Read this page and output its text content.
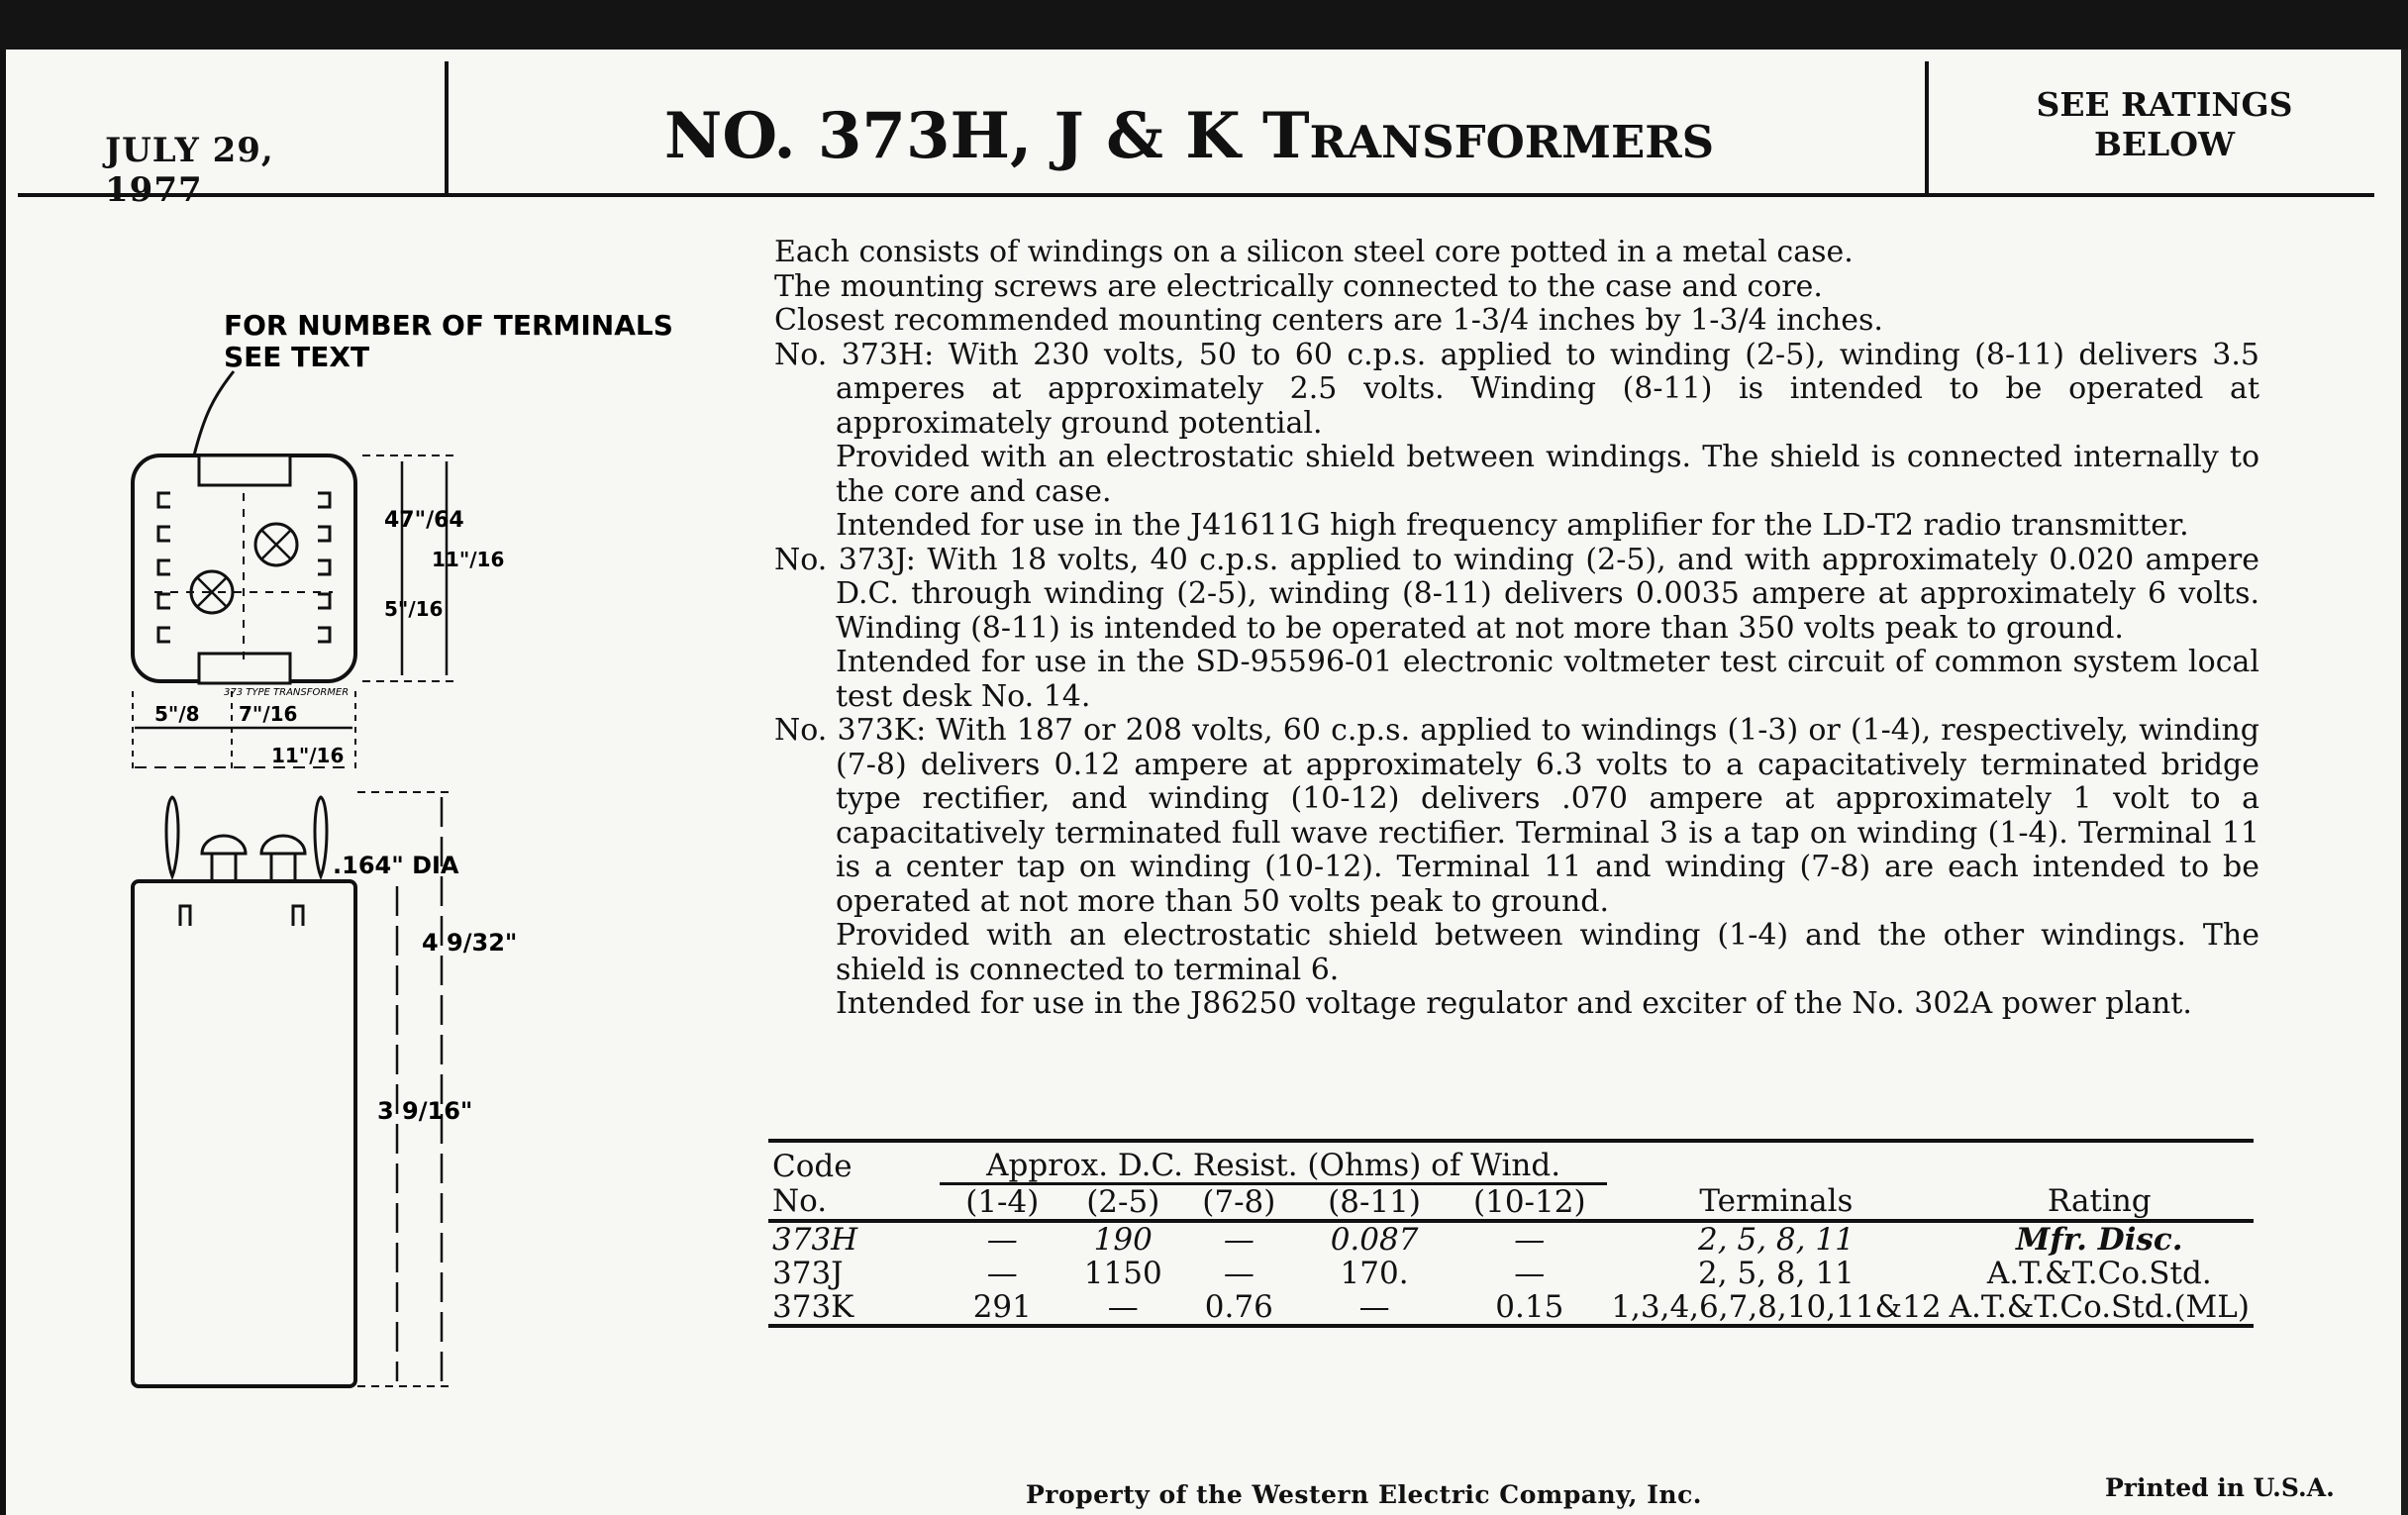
JULY 29, 1977
NO. 373H, J & K Transformers	SEE RATINGS
BELOW
FOR NUMBER OF TERMINALS
SEE TEXT
373 TYPE TRANSFORMER
47"/64
11"/16
5"/16
5"/8 7"/16
11"/16
.164" DIA
4 9/32"
3 9/16"

Each consists of windings on a silicon steel core potted in a metal case.

The mounting screws are electrically connected to the case and core.

Closest recommended mounting centers are 1-3/4 inches by 1-3/4 inches.

No. 373H: With 230 volts, 50 to 60 c.p.s. applied to winding (2-5), winding (8-11) delivers 3.5 amperes at approximately 2.5 volts. Winding (8-11) is intended to be operated at approximately ground potential.

Provided with an electrostatic shield between windings. The shield is connected internally to the core and case.

Intended for use in the J41611G high frequency amplifier for the LD-T2 radio transmitter.

No. 373J: With 18 volts, 40 c.p.s. applied to winding (2-5), and with approximately 0.020 ampere D.C. through winding (2-5), winding (8-11) delivers 0.0035 ampere at approximately 6 volts. Winding (8-11) is intended to be operated at not more than 350 volts peak to ground.

Intended for use in the SD-95596-01 electronic voltmeter test circuit of common system local test desk No. 14.

No. 373K: With 187 or 208 volts, 60 c.p.s. applied to windings (1-3) or (1-4), respectively, winding (7-8) delivers 0.12 ampere at approximately 6.3 volts to a capacitatively terminated bridge type rectifier, and winding (10-12) delivers .070 ampere at approximately 1 volt to a capacitatively terminated full wave rectifier. Terminal 3 is a tap on winding (1-4). Terminal 11 is a center tap on winding (10-12). Terminal 11 and winding (7-8) are each intended to be operated at not more than 50 volts peak to ground.

Provided with an electrostatic shield between winding (1-4) and the other windings. The shield is connected to terminal 6.

Intended for use in the J86250 voltage regulator and exciter of the No. 302A power plant.

Code	Approx. D.C. Resist. (Ohms) of Wind.						
No.	(1-4)	(2-5)	(7-8)	(8-11)	(10-12)	Terminals	Rating
373H	—	190	—	0.087	—	2, 5, 8, 11	Mfr. Disc.
373J	—	1150	—	170.	—	2, 5, 8, 11	A.T.&T.Co.Std.
373K	291	—	0.76	—	0.15	1,3,4,6,7,8,10,11&12	A.T.&T.Co.Std.(ML)
Property of the Western Electric Company, Inc.	Printed in U.S.A.
